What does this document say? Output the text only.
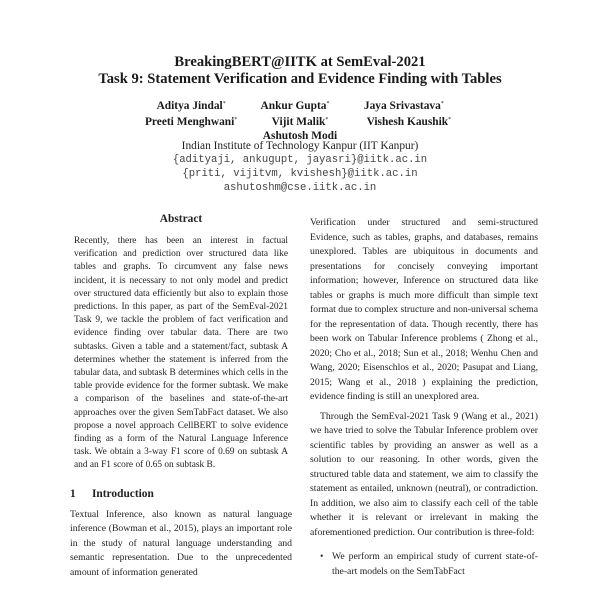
BreakingBERT@IITK at SemEval-2021
Task 9: Statement Verification and Evidence Finding with Tables
Aditya Jindal*	Ankur Gupta*	Jaya Srivastava*
Preeti Menghwani*	Vijit Malik*	Vishesh Kaushik*
Ashutosh Modi
Indian Institute of Technology Kanpur (IIT Kanpur)
{adityaji, ankugupt, jayasri}@iitk.ac.in
{priti, vijitvm, kvishesh}@iitk.ac.in
ashutoshm@cse.iitk.ac.in
Abstract

Recently, there has been an interest in factual verification and prediction over structured data like tables and graphs. To circumvent any false news incident, it is necessary to not only model and predict over structured data efficiently but also to explain those predictions. In this paper, as part of the SemEval-2021 Task 9, we tackle the problem of fact verification and evidence finding over tabular data. There are two subtasks. Given a table and a statement/fact, subtask A determines whether the statement is inferred from the tabular data, and subtask B determines which cells in the table provide evidence for the former subtask. We make a comparison of the baselines and state-of-the-art approaches over the given SemTabFact dataset. We also propose a novel approach CellBERT to solve evidence finding as a form of the Natural Language Inference task. We obtain a 3-way F1 score of 0.69 on subtask A and an F1 score of 0.65 on subtask B.

1 Introduction

Textual Inference, also known as natural language inference (Bowman et al., 2015), plays an important role in the study of natural language understanding and semantic representation. Due to the unprecedented amount of information generated

Verification under structured and semi-structured Evidence, such as tables, graphs, and databases, remains unexplored. Tables are ubiquitous in documents and presentations for concisely conveying important information; however, Inference on structured data like tables or graphs is much more difficult than simple text format due to complex structure and non-universal schema for the representation of data. Though recently, there has been work on Tabular Inference problems ( Zhong et al., 2020; Cho et al., 2018; Sun et al., 2018; Wenhu Chen and Wang, 2020; Eisenschlos et al., 2020; Pasupat and Liang, 2015; Wang et al., 2018 ) explaining the prediction, evidence finding is still an unexplored area.

Through the SemEval-2021 Task 9 (Wang et al., 2021) we have tried to solve the Tabular Inference problem over scientific tables by providing an answer as well as a solution to our reasoning. In other words, given the structured table data and statement, we aim to classify the statement as entailed, unknown (neutral), or contradiction. In addition, we also aim to classify each cell of the table whether it is relevant or irrelevant in making the aforementioned prediction. Our contribution is three-fold:

• We perform an empirical study of current state-of-the-art models on the SemTabFact
